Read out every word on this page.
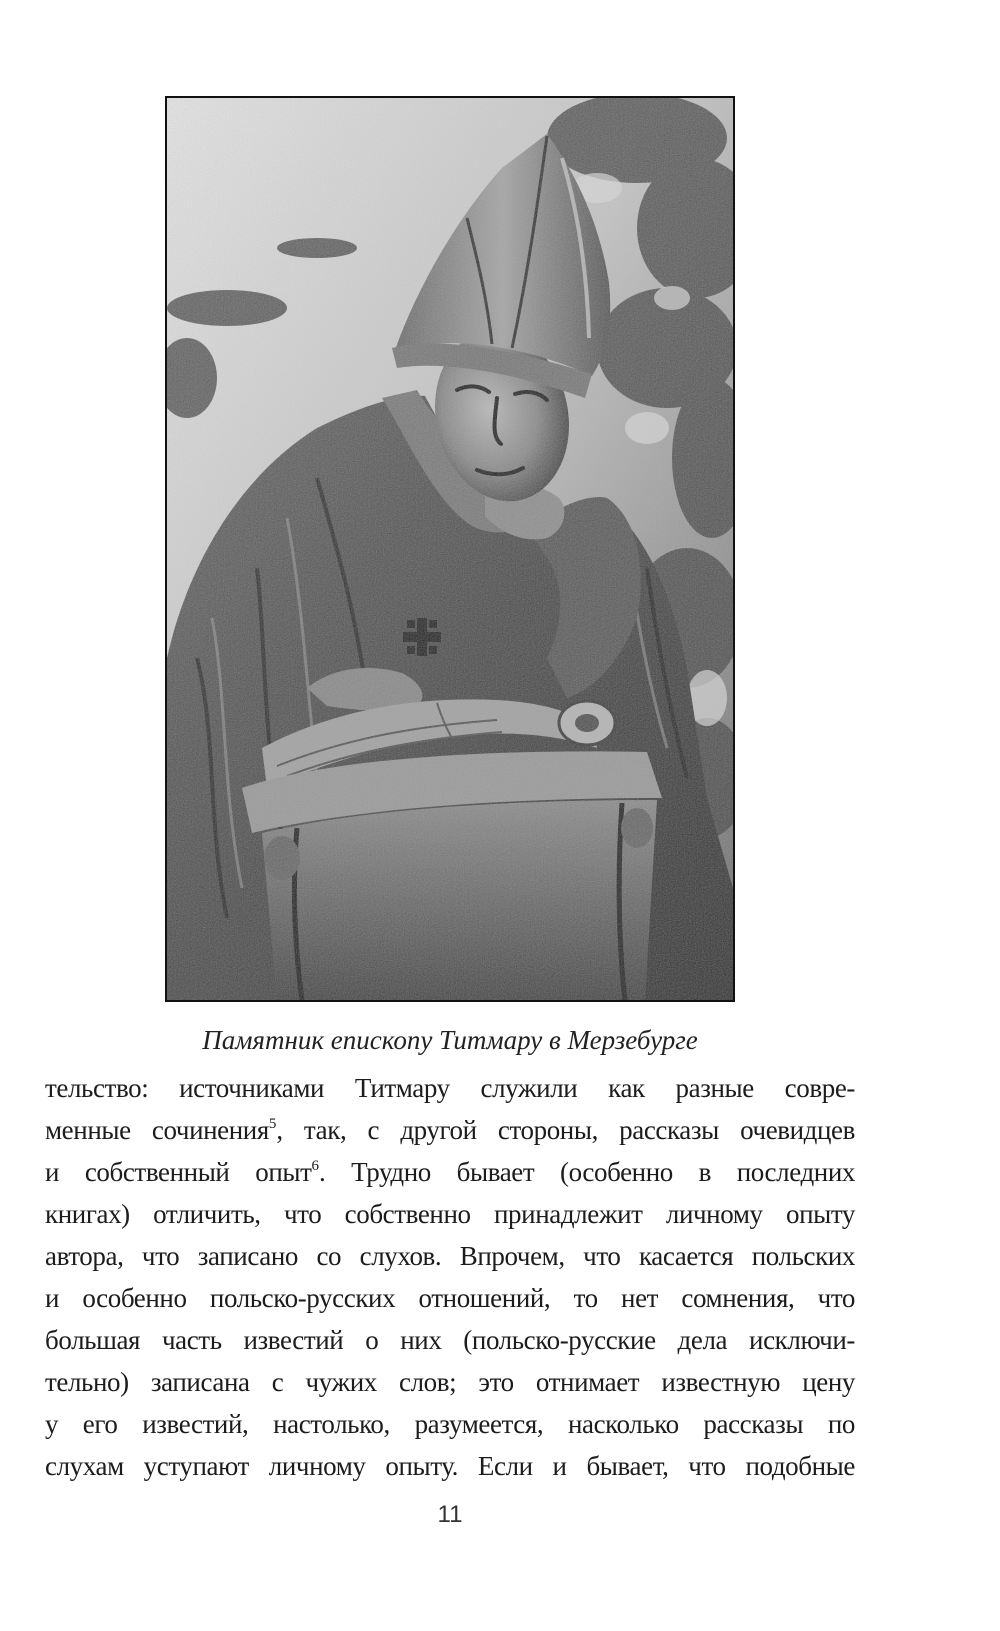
Памятник епископу Титмару в Мерзебурге
тельство: источниками Титмару служили как разные совре-
менные сочинения$^5$, так, с другой стороны, рассказы очевидцев
и собственный опыт$^6$. Трудно бывает (особенно в последних
книгах) отличить, что собственно принадлежит личному опыту
автора, что записано со слухов. Впрочем, что касается польских
и особенно польско-русских отношений, то нет сомнения, что
большая часть известий о них (польско-русские дела исключи-
тельно) записана с чужих слов; это отнимает известную цену
у его известий, настолько, разумеется, насколько рассказы по
слухам уступают личному опыту. Если и бывает, что подобные
11
